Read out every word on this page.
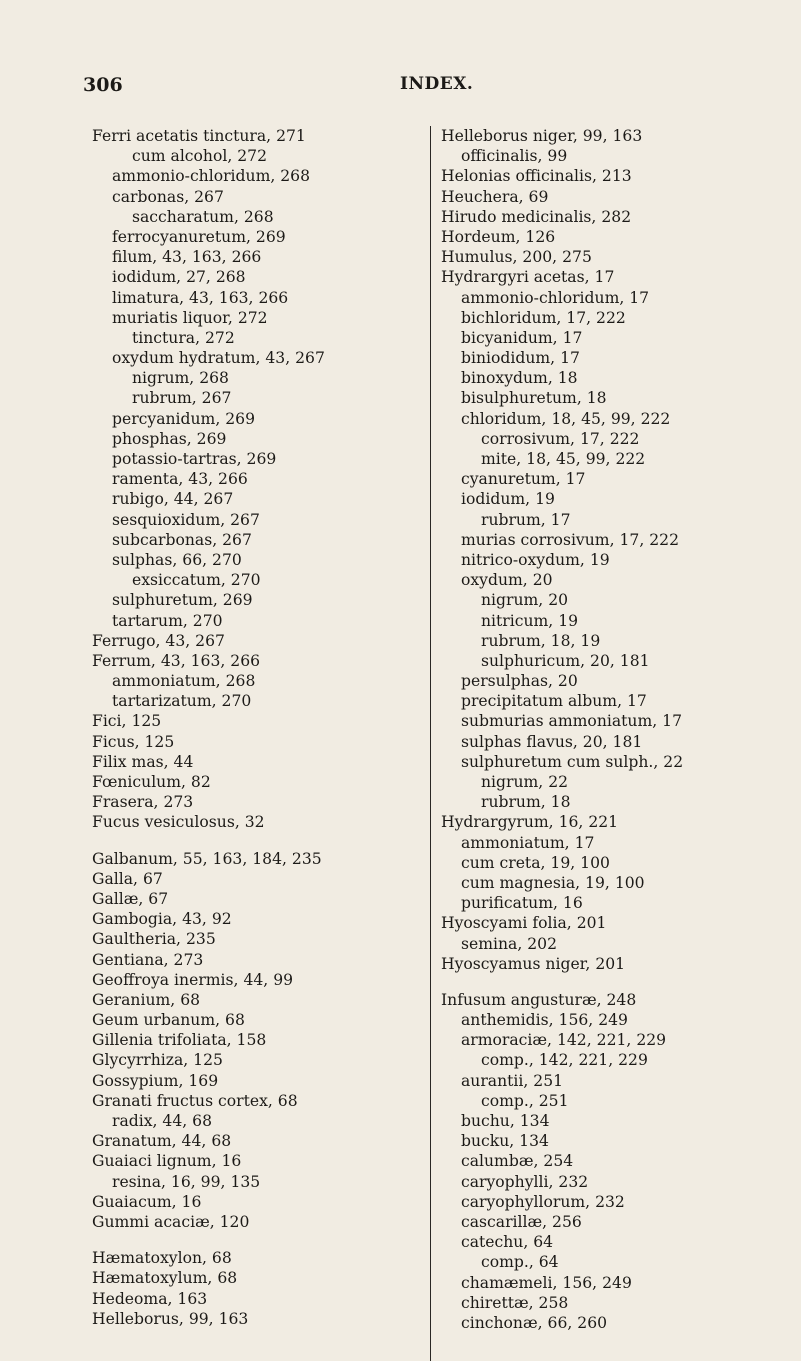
306	INDEX.
Ferri acetatis tinctura, 271
cum alcohol, 272
ammonio-chloridum, 268
carbonas, 267
saccharatum, 268
ferrocyanuretum, 269
filum, 43, 163, 266
iodidum, 27, 268
limatura, 43, 163, 266
muriatis liquor, 272
tinctura, 272
oxydum hydratum, 43, 267
nigrum, 268
rubrum, 267
percyanidum, 269
phosphas, 269
potassio-tartras, 269
ramenta, 43, 266
rubigo, 44, 267
sesquioxidum, 267
subcarbonas, 267
sulphas, 66, 270
exsiccatum, 270
sulphuretum, 269
tartarum, 270
Ferrugo, 43, 267
Ferrum, 43, 163, 266
ammoniatum, 268
tartarizatum, 270
Fici, 125
Ficus, 125
Filix mas, 44
Fœniculum, 82
Frasera, 273
Fucus vesiculosus, 32
Galbanum, 55, 163, 184, 235
Galla, 67
Gallæ, 67
Gambogia, 43, 92
Gaultheria, 235
Gentiana, 273
Geoffroya inermis, 44, 99
Geranium, 68
Geum urbanum, 68
Gillenia trifoliata, 158
Glycyrrhiza, 125
Gossypium, 169
Granati fructus cortex, 68
radix, 44, 68
Granatum, 44, 68
Guaiaci lignum, 16
resina, 16, 99, 135
Guaiacum, 16
Gummi acaciæ, 120
Hæmatoxylon, 68
Hæmatoxylum, 68
Hedeoma, 163
Helleborus, 99, 163
Helleborus niger, 99, 163
officinalis, 99
Helonias officinalis, 213
Heuchera, 69
Hirudo medicinalis, 282
Hordeum, 126
Humulus, 200, 275
Hydrargyri acetas, 17
ammonio-chloridum, 17
bichloridum, 17, 222
bicyanidum, 17
biniodidum, 17
binoxydum, 18
bisulphuretum, 18
chloridum, 18, 45, 99, 222
corrosivum, 17, 222
mite, 18, 45, 99, 222
cyanuretum, 17
iodidum, 19
rubrum, 17
murias corrosivum, 17, 222
nitrico-oxydum, 19
oxydum, 20
nigrum, 20
nitricum, 19
rubrum, 18, 19
sulphuricum, 20, 181
persulphas, 20
precipitatum album, 17
submurias ammoniatum, 17
sulphas flavus, 20, 181
sulphuretum cum sulph., 22
nigrum, 22
rubrum, 18
Hydrargyrum, 16, 221
ammoniatum, 17
cum creta, 19, 100
cum magnesia, 19, 100
purificatum, 16
Hyoscyami folia, 201
semina, 202
Hyoscyamus niger, 201
Infusum angusturæ, 248
anthemidis, 156, 249
armoraciæ, 142, 221, 229
comp., 142, 221, 229
aurantii, 251
comp., 251
buchu, 134
bucku, 134
calumbæ, 254
caryophylli, 232
caryophyllorum, 232
cascarillæ, 256
catechu, 64
comp., 64
chamæmeli, 156, 249
chirettæ, 258
cinchonæ, 66, 260
